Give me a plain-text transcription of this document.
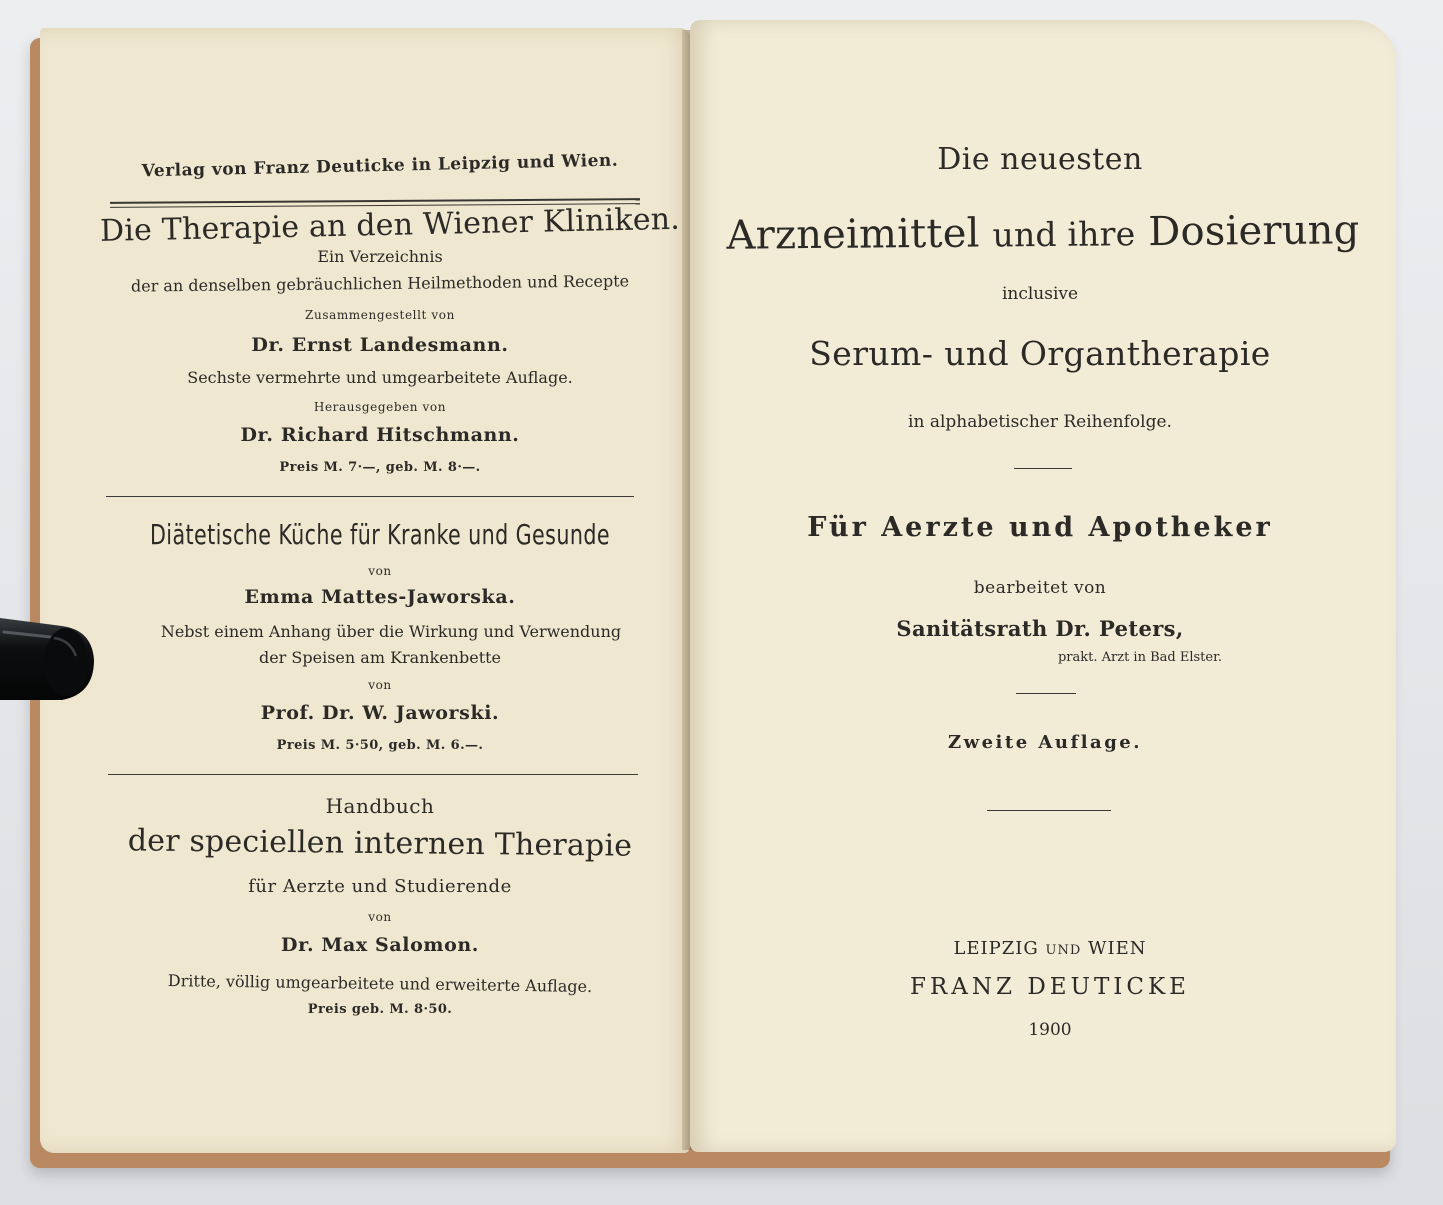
Verlag von Franz Deuticke in Leipzig und Wien.
Die Therapie an den Wiener Kliniken.
Ein Verzeichnis
der an denselben gebräuchlichen Heilmethoden und Recepte
Zusammengestellt von
Dr. Ernst Landesmann.
Sechste vermehrte und umgearbeitete Auflage.
Herausgegeben von
Dr. Richard Hitschmann.
Preis M. 7·—, geb. M. 8·—.
Diätetische Küche für Kranke und Gesunde
von
Emma Mattes-Jaworska.
Nebst einem Anhang über die Wirkung und Verwendung
der Speisen am Krankenbette
von
Prof. Dr. W. Jaworski.
Preis M. 5·50, geb. M. 6.—.
Handbuch
der speciellen internen Therapie
für Aerzte und Studierende
von
Dr. Max Salomon.
Dritte, völlig umgearbeitete und erweiterte Auflage.
Preis geb. M. 8·50.
Die neuesten
Arzneimittel und ihre Dosierung
inclusive
Serum- und Organtherapie
in alphabetischer Reihenfolge.
Für Aerzte und Apotheker
bearbeitet von
Sanitätsrath Dr. Peters,
prakt. Arzt in Bad Elster.
Zweite Auflage.
LEIPZIG UND WIEN
FRANZ DEUTICKE
1900
